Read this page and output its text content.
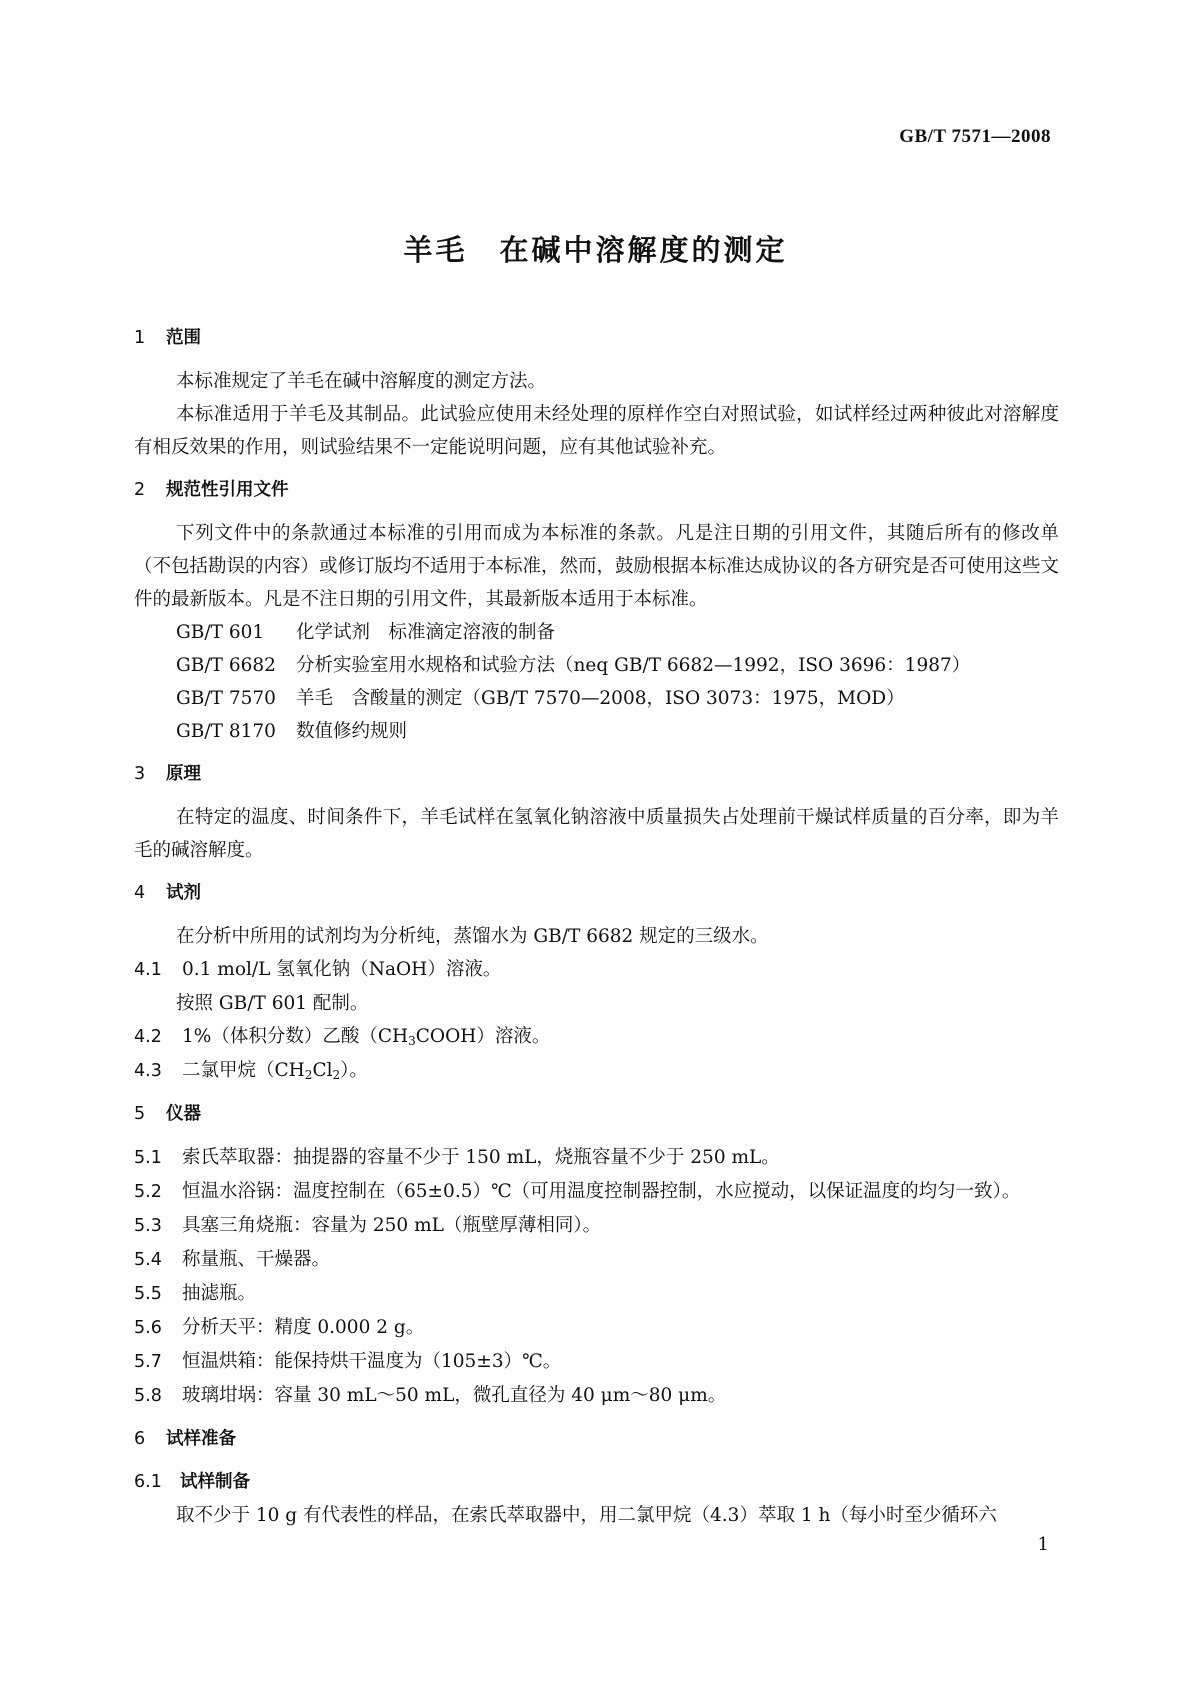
GB/T 7571—2008
羊毛　在碱中溶解度的测定
1 范围
本标准规定了羊毛在碱中溶解度的测定方法。
本标准适用于羊毛及其制品。此试验应使用未经处理的原样作空白对照试验，如试样经过两种彼此对溶解度有相反效果的作用，则试验结果不一定能说明问题，应有其他试验补充。
2 规范性引用文件
下列文件中的条款通过本标准的引用而成为本标准的条款。凡是注日期的引用文件，其随后所有的修改单（不包括勘误的内容）或修订版均不适用于本标准，然而，鼓励根据本标准达成协议的各方研究是否可使用这些文件的最新版本。凡是不注日期的引用文件，其最新版本适用于本标准。
GB/T 601 化学试剂　标准滴定溶液的制备
GB/T 6682 分析实验室用水规格和试验方法（neq GB/T 6682—1992，ISO 3696：1987）
GB/T 7570 羊毛　含酸量的测定（GB/T 7570—2008，ISO 3073：1975，MOD）
GB/T 8170 数值修约规则
3 原理
在特定的温度、时间条件下，羊毛试样在氢氧化钠溶液中质量损失占处理前干燥试样质量的百分率，即为羊毛的碱溶解度。
4 试剂
在分析中所用的试剂均为分析纯，蒸馏水为 GB/T 6682 规定的三级水。
4.1 0.1 mol/L 氢氧化钠（NaOH）溶液。
按照 GB/T 601 配制。
4.2 1%（体积分数）乙酸$(CH_3COOH)$溶液。
4.3 二氯甲烷$(CH_2Cl_2)$。
5 仪器
5.1 索氏萃取器：抽提器的容量不少于 150 mL，烧瓶容量不少于 250 mL。
5.2 恒温水浴锅：温度控制在（65±0.5）℃（可用温度控制器控制，水应搅动，以保证温度的均匀一致）。
5.3 具塞三角烧瓶：容量为 250 mL（瓶壁厚薄相同）。
5.4 称量瓶、干燥器。
5.5 抽滤瓶。
5.6 分析天平：精度 0.000 2 g。
5.7 恒温烘箱：能保持烘干温度为（105±3）℃。
5.8 玻璃坩埚：容量 30 mL～50 mL，微孔直径为 40 μm～80 μm。
6 试样准备
6.1 试样制备
取不少于 10 g 有代表性的样品，在索氏萃取器中，用二氯甲烷（4.3）萃取 1 h（每小时至少循环六
1
